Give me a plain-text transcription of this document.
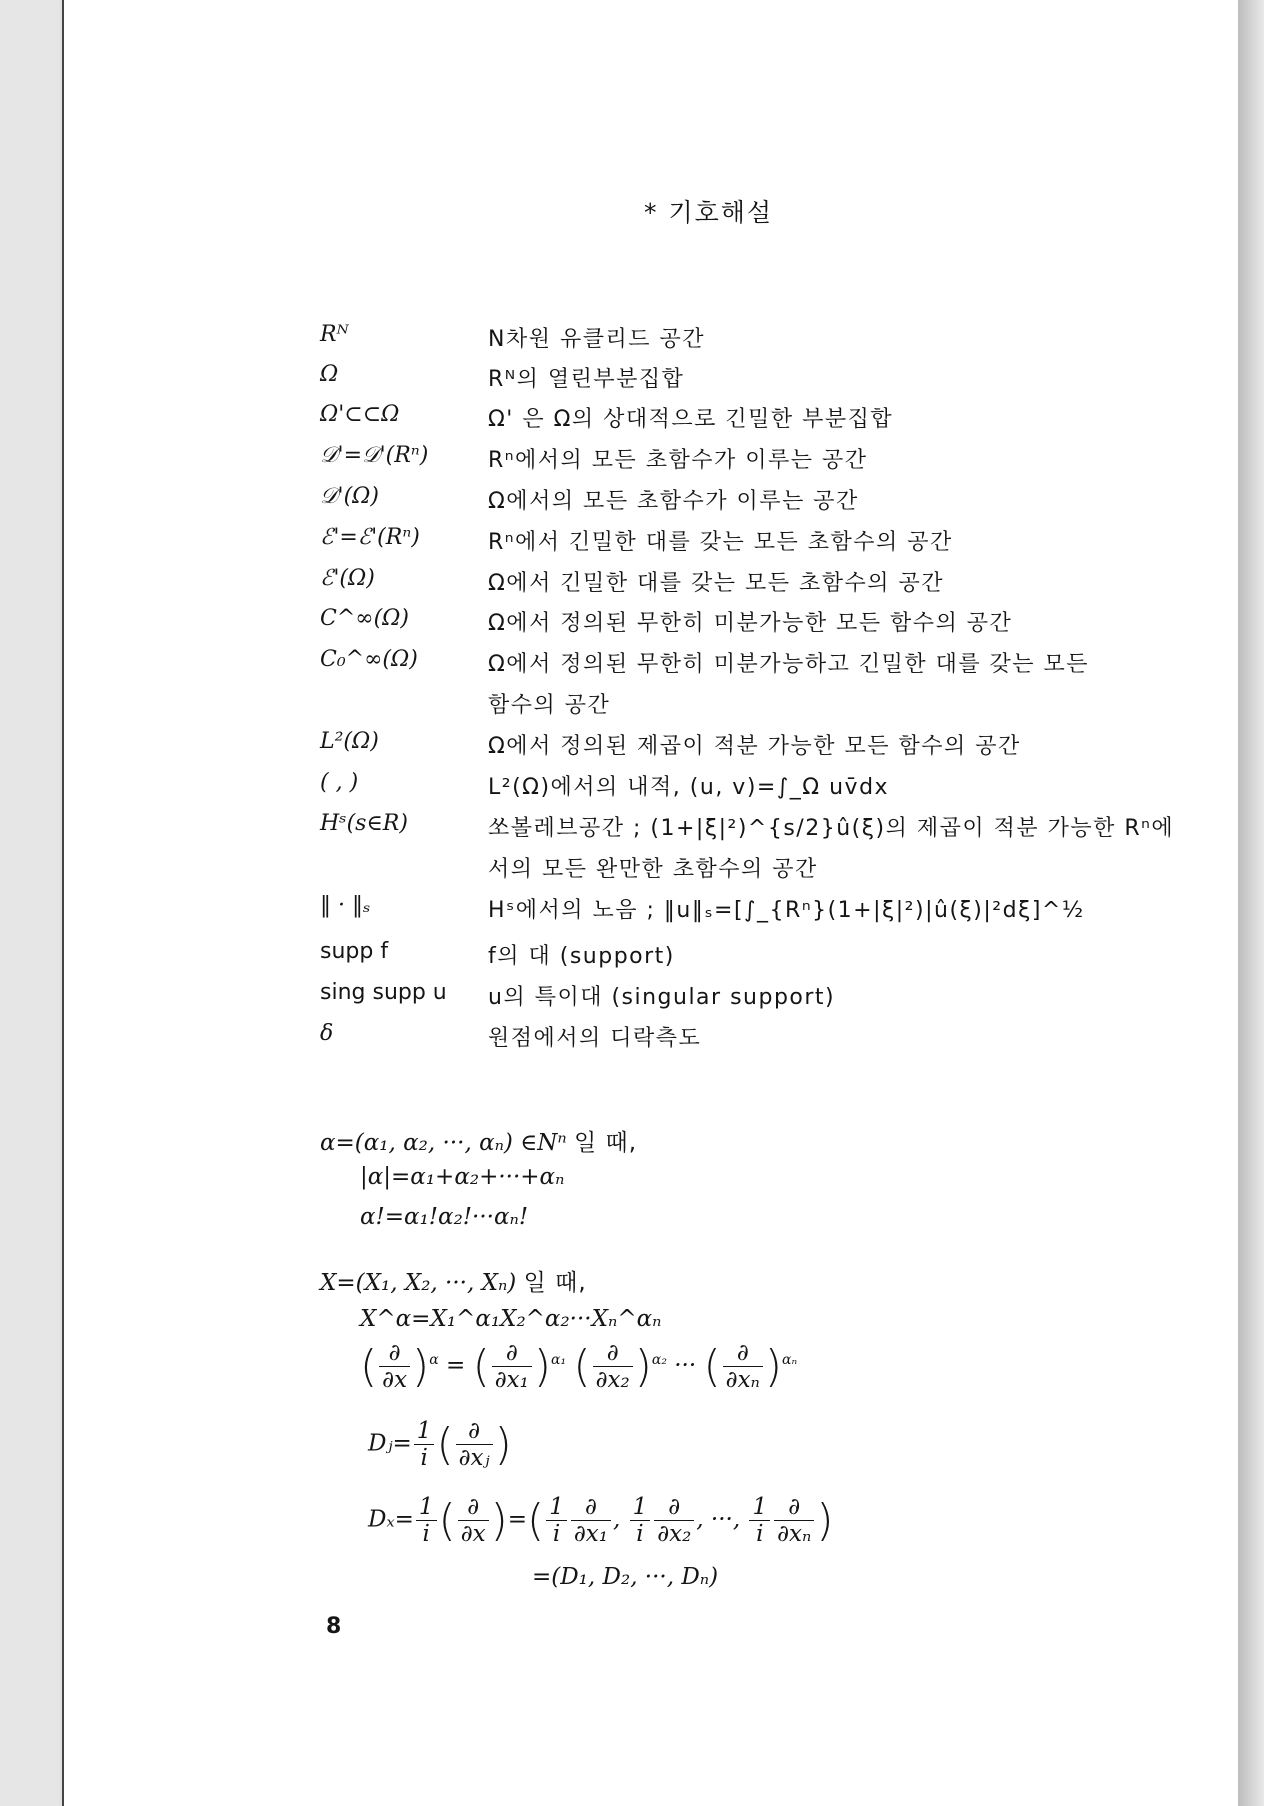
* 기호해설
Rᴺ	N차원 유클리드 공간
Ω	Rᴺ의 열린부분집합
Ω'⊂⊂Ω	Ω' 은 Ω의 상대적으로 긴밀한 부분집합
𝒟'=𝒟'(Rⁿ)	Rⁿ에서의 모든 초함수가 이루는 공간
𝒟'(Ω)	Ω에서의 모든 초함수가 이루는 공간
ℰ'=ℰ'(Rⁿ)	Rⁿ에서 긴밀한 대를 갖는 모든 초함수의 공간
ℰ'(Ω)	Ω에서 긴밀한 대를 갖는 모든 초함수의 공간
C^∞(Ω)	Ω에서 정의된 무한히 미분가능한 모든 함수의 공간
C₀^∞(Ω)	Ω에서 정의된 무한히 미분가능하고 긴밀한 대를 갖는 모든
함수의 공간
L²(Ω)	Ω에서 정의된 제곱이 적분 가능한 모든 함수의 공간
( , )	L²(Ω)에서의 내적, (u, v)=∫_Ω uv̄dx
Hˢ(s∈R)	쏘볼레브공간 ; (1+|ξ|²)^{s/2}û(ξ)의 제곱이 적분 가능한 Rⁿ에
서의 모든 완만한 초함수의 공간
‖ · ‖ₛ	Hˢ에서의 노음 ; ‖u‖ₛ=[∫_{Rⁿ}(1+|ξ|²)|û(ξ)|²dξ]^½
supp f	f의 대 (support)
sing supp u	u의 특이대 (singular support)
δ	원점에서의 디락측도
α=(α₁, α₂, ···, αₙ) ∈Nⁿ 일 때,
|α|=α₁+α₂+···+αₙ
α!=α₁!α₂!···αₙ!
X=(X₁, X₂, ···, Xₙ) 일 때,
X^α=X₁^α₁X₂^α₂···Xₙ^αₙ
( $\frac{\partial}{\partial x} )^\alpha$ = ( $\frac{\partial}{\text{∂x₁}} )^{\alpha_1}$ ( $\frac{\partial}{\text{∂x₂}} )^{\alpha_2}$ ··· ( $\frac{\partial}{\text{∂xₙ}} )^{\alpha_n}$
Dⱼ= $\frac{1}{i}$ ( $\frac{\partial}{\text{∂xⱼ}}$ )
$D_x= \frac{1}{i}$ ( $\frac{\partial}{\partial x}$ )=( $\frac{1}{i} \frac{\partial}{\text{∂x₁}}$ , $\frac{1}{i} \frac{\partial}{\text{∂x₂}}$ , ···, $\frac{1}{i} \frac{\partial}{\text{∂xₙ}}$ )
=(D₁, D₂, ···, Dₙ)
8
